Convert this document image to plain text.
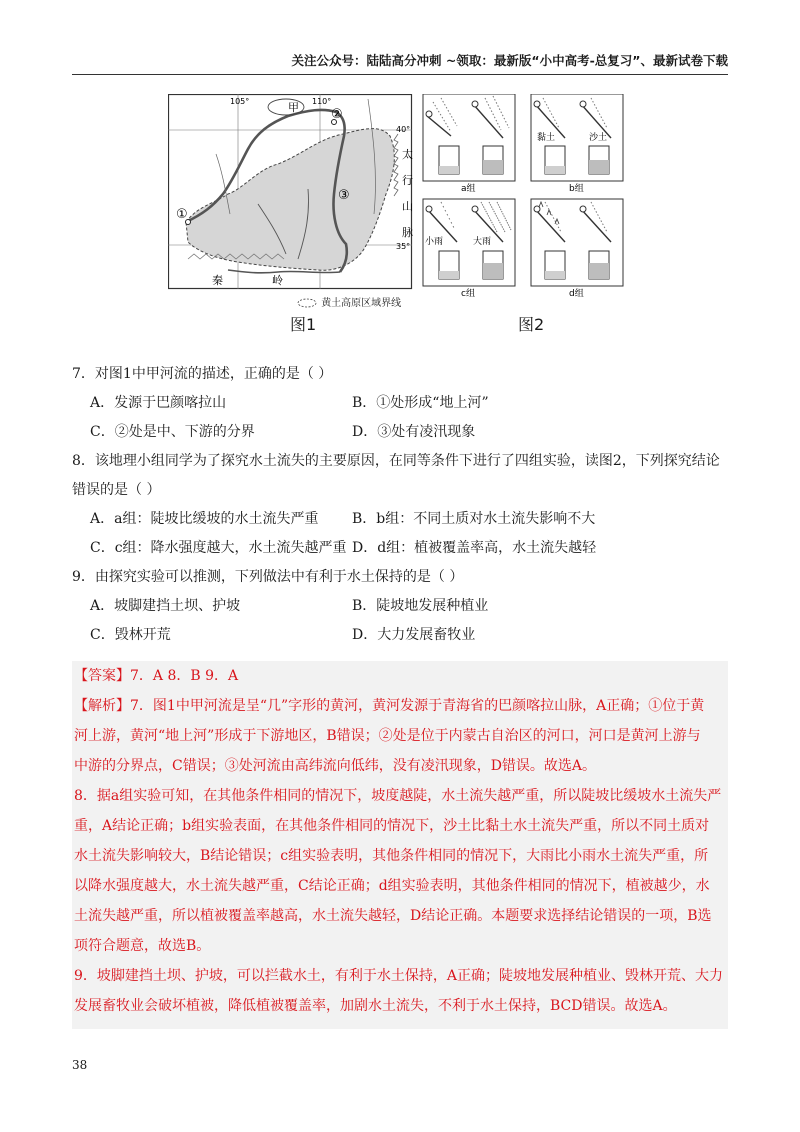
关注公众号：陆陆高分冲刺 ~领取：最新版“小中高考-总复习”、最新试卷下载
105°	110°
40°
35°
甲 ②
③
①
太
行
山
脉
秦	岭
黄土高原区域界线
图1
黏土	沙土
小雨	大雨
a组	b组
c组	d组
图2

7．对图1中甲河流的描述，正确的是（ ）

A．发源于巴颜喀拉山	B．①处形成“地上河”
C．②处是中、下游的分界	D．③处有凌汛现象

8．该地理小组同学为了探究水土流失的主要原因，在同等条件下进行了四组实验，读图2，下列探究结论错误的是（ ）

A．a组：陡坡比缓坡的水土流失严重	B．b组：不同土质对水土流失影响不大
C．c组：降水强度越大，水土流失越严重 D．d组：植被覆盖率高，水土流失越轻

9．由探究实验可以推测，下列做法中有利于水土保持的是（ ）

A．坡脚建挡土坝、护坡	B．陡坡地发展种植业
C．毁林开荒	D．大力发展畜牧业

【答案】7．A 8．B 9．A

【解析】7．图1中甲河流是呈“几”字形的黄河，黄河发源于青海省的巴颜喀拉山脉，A正确；①位于黄

河上游，黄河“地上河”形成于下游地区，B错误；②处是位于内蒙古自治区的河口，河口是黄河上游与

中游的分界点，C错误；③处河流由高纬流向低纬，没有凌汛现象，D错误。故选A。

8．据a组实验可知，在其他条件相同的情况下，坡度越陡，水土流失越严重，所以陡坡比缓坡水土流失严

重，A结论正确；b组实验表面，在其他条件相同的情况下，沙土比黏土水土流失严重，所以不同土质对

水土流失影响较大，B结论错误；c组实验表明，其他条件相同的情况下，大雨比小雨水土流失严重，所

以降水强度越大，水土流失越严重，C结论正确；d组实验表明，其他条件相同的情况下，植被越少，水

土流失越严重，所以植被覆盖率越高，水土流失越轻，D结论正确。本题要求选择结论错误的一项，B选

项符合题意，故选B。

9．坡脚建挡土坝、护坡，可以拦截水土，有利于水土保持，A正确；陡坡地发展种植业、毁林开荒、大力

发展畜牧业会破坏植被，降低植被覆盖率，加剧水土流失，不利于水土保持，BCD错误。故选A。

38
